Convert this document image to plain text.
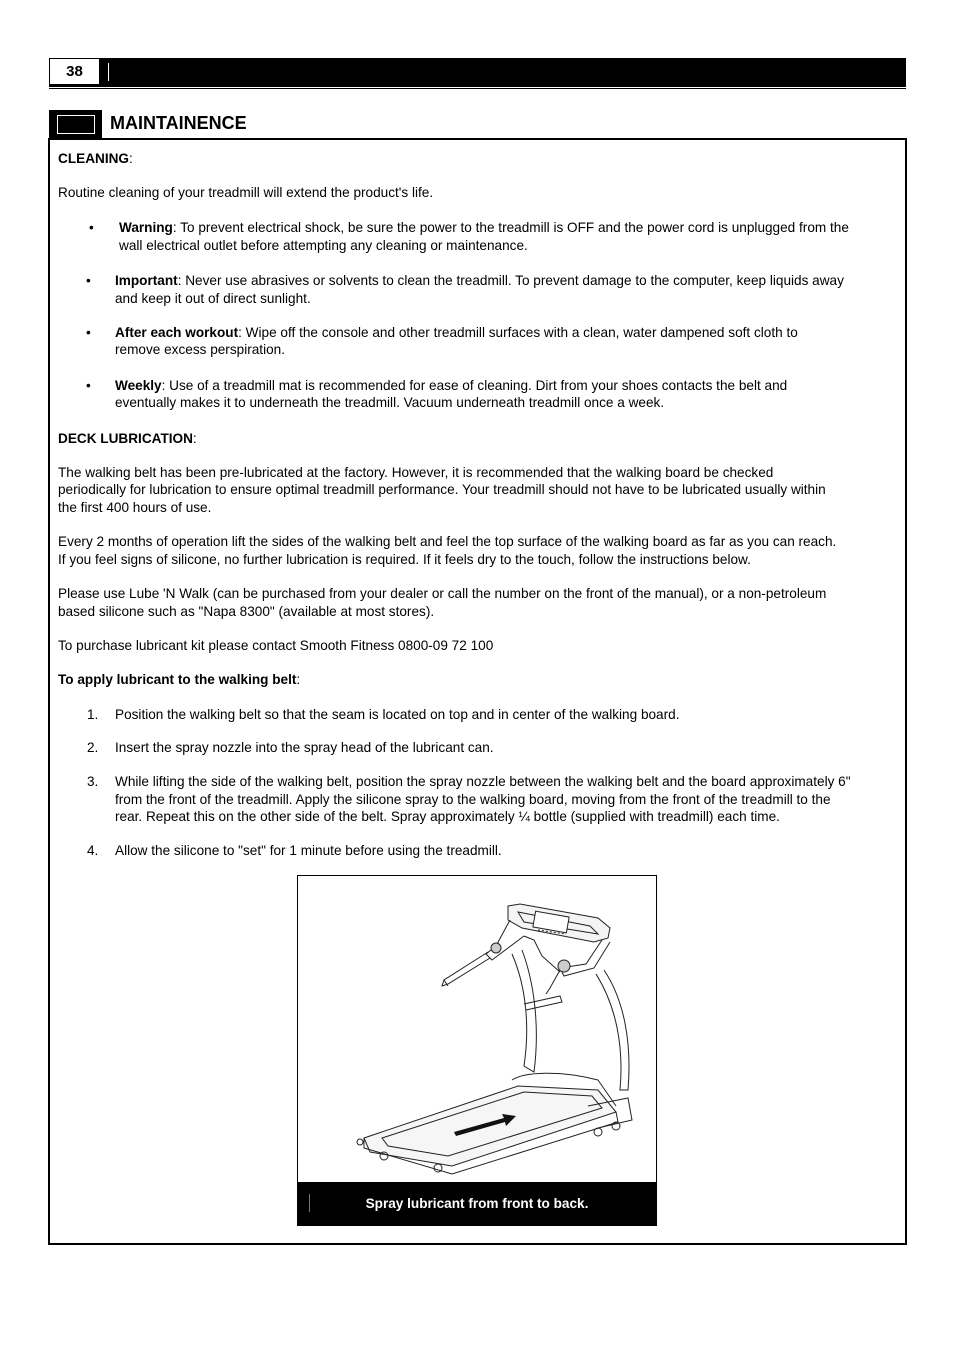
38
MAINTAINENCE
CLEANING:
Routine cleaning of your treadmill will extend the product's life.
• Warning: To prevent electrical shock, be sure the power to the treadmill is OFF and the power cord is unplugged from the
wall electrical outlet before attempting any cleaning or maintenance.
• Important: Never use abrasives or solvents to clean the treadmill. To prevent damage to the computer, keep liquids away
and keep it out of direct sunlight.
• After each workout: Wipe off the console and other treadmill surfaces with a clean, water dampened soft cloth to
remove excess perspiration.
• Weekly: Use of a treadmill mat is recommended for ease of cleaning. Dirt from your shoes contacts the belt and
eventually makes it to underneath the treadmill. Vacuum underneath treadmill once a week.
DECK LUBRICATION:
The walking belt has been pre-lubricated at the factory. However, it is recommended that the walking board be checked
periodically for lubrication to ensure optimal treadmill performance. Your treadmill should not have to be lubricated usually within
the first 400 hours of use.
Every 2 months of operation lift the sides of the walking belt and feel the top surface of the walking board as far as you can reach.
If you feel signs of silicone, no further lubrication is required. If it feels dry to the touch, follow the instructions below.
Please use Lube 'N Walk (can be purchased from your dealer or call the number on the front of the manual), or a non-petroleum
based silicone such as "Napa 8300" (available at most stores).
To purchase lubricant kit please contact Smooth Fitness 0800-09 72 100
To apply lubricant to the walking belt:
1. Position the walking belt so that the seam is located on top and in center of the walking board.
2. Insert the spray nozzle into the spray head of the lubricant can.
3. While lifting the side of the walking belt, position the spray nozzle between the walking belt and the board approximately 6"
from the front of the treadmill. Apply the silicone spray to the walking board, moving from the front of the treadmill to the
rear. Repeat this on the other side of the belt. Spray approximately ¼ bottle (supplied with treadmill) each time.
4. Allow the silicone to "set" for 1 minute before using the treadmill.
Spray lubricant from front to back.
